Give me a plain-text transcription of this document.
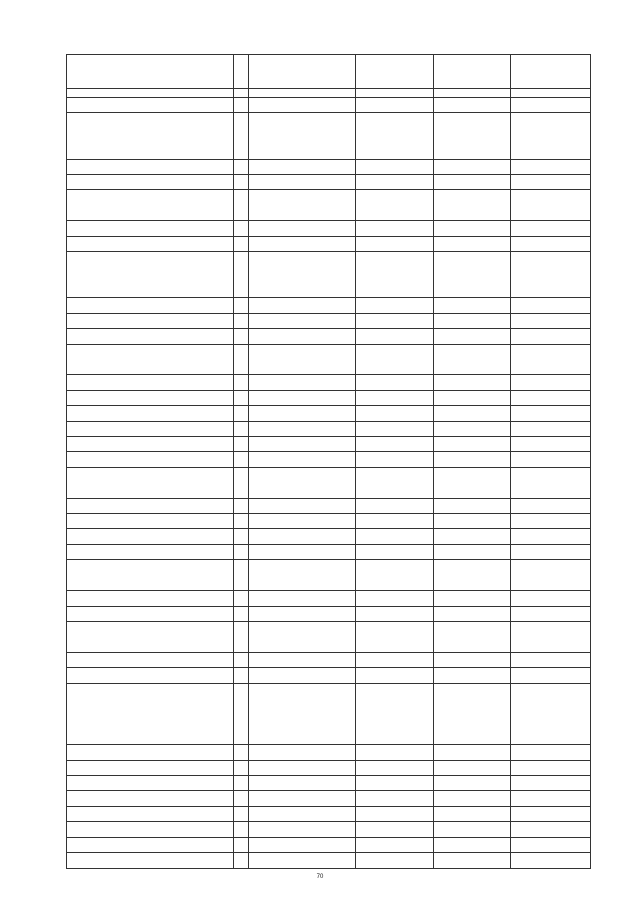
70
